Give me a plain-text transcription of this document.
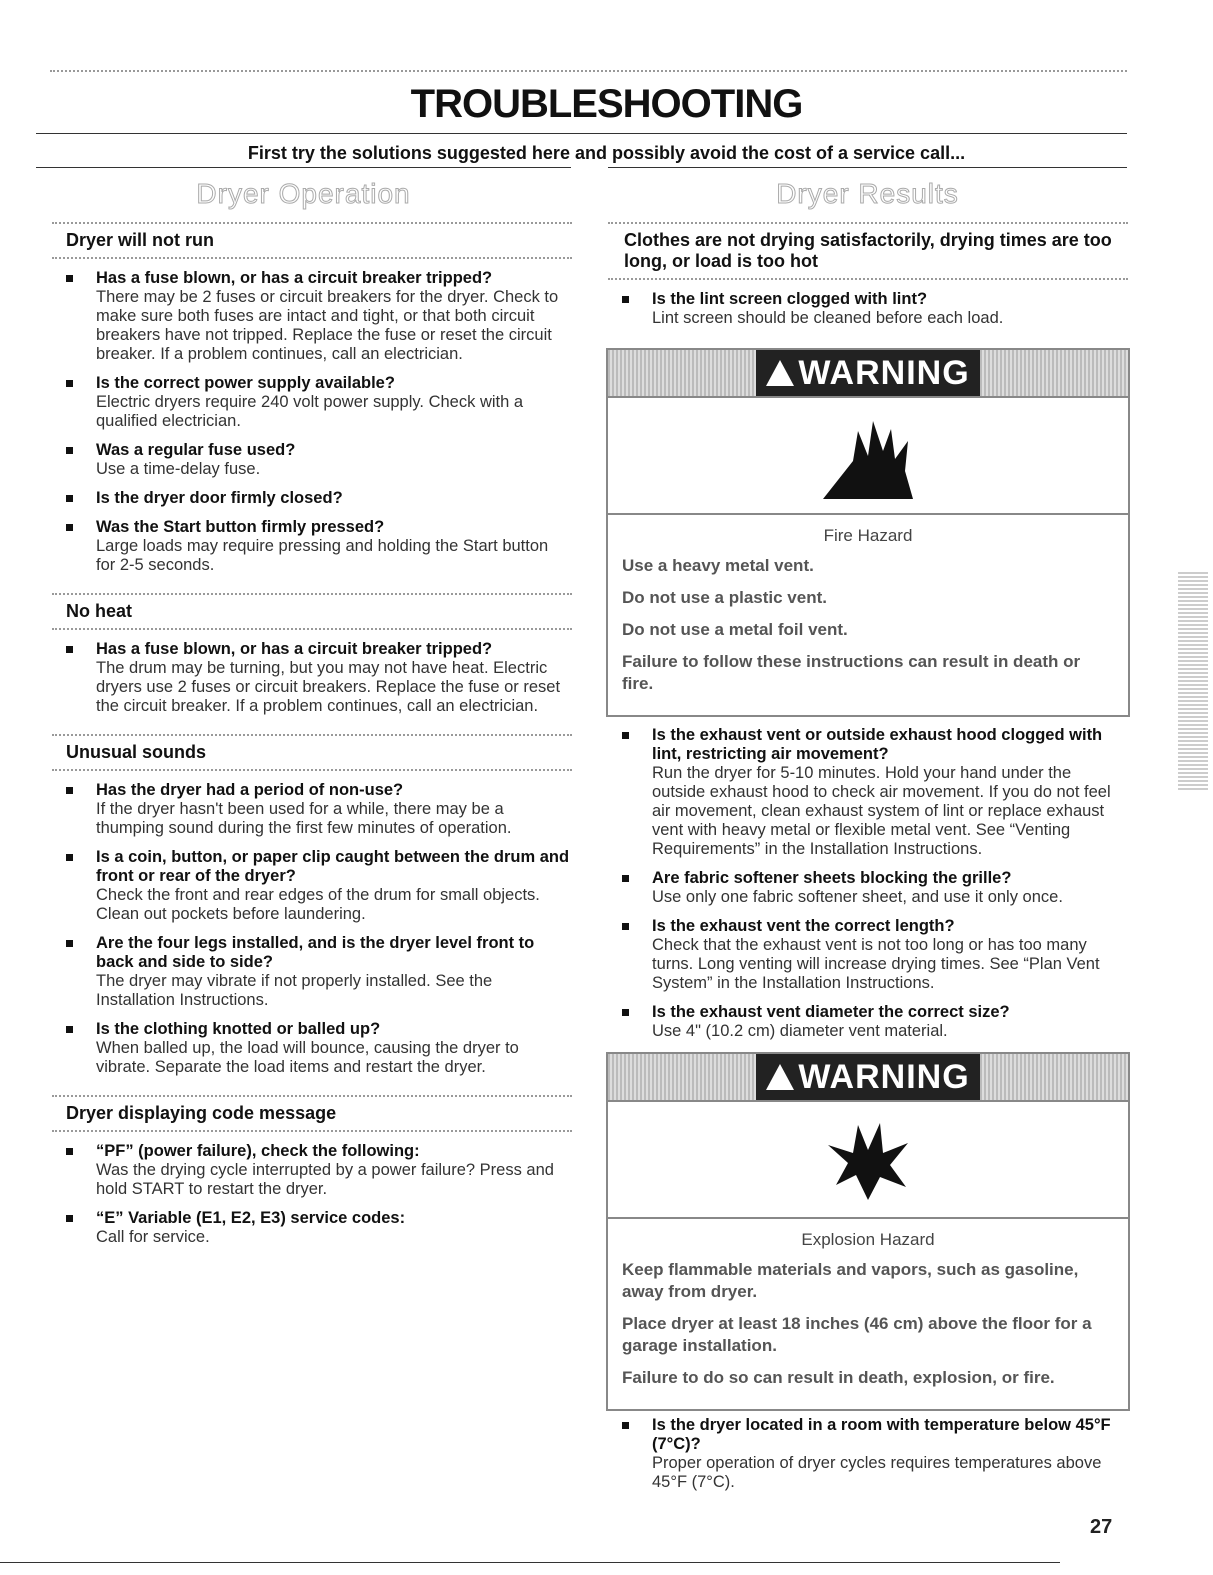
TROUBLESHOOTING
First try the solutions suggested here and possibly avoid the cost of a service call...
Dryer Operation	Dryer Results
Dryer will not run
Has a fuse blown, or has a circuit breaker tripped?
There may be 2 fuses or circuit breakers for the dryer. Check to make sure both fuses are intact and tight, or that both circuit breakers have not tripped. Replace the fuse or reset the circuit breaker. If a problem continues, call an electrician.
Is the correct power supply available?
Electric dryers require 240 volt power supply. Check with a qualified electrician.
Was a regular fuse used?
Use a time-delay fuse.
Is the dryer door firmly closed?
Was the Start button firmly pressed?
Large loads may require pressing and holding the Start button for 2-5 seconds.
No heat
Has a fuse blown, or has a circuit breaker tripped?
The drum may be turning, but you may not have heat. Electric dryers use 2 fuses or circuit breakers. Replace the fuse or reset the circuit breaker. If a problem continues, call an electrician.
Unusual sounds
Has the dryer had a period of non-use?
If the dryer hasn't been used for a while, there may be a thumping sound during the first few minutes of operation.
Is a coin, button, or paper clip caught between the drum and front or rear of the dryer?
Check the front and rear edges of the drum for small objects. Clean out pockets before laundering.
Are the four legs installed, and is the dryer level front to back and side to side?
The dryer may vibrate if not properly installed. See the Installation Instructions.
Is the clothing knotted or balled up?
When balled up, the load will bounce, causing the dryer to vibrate. Separate the load items and restart the dryer.
Dryer displaying code message
“PF” (power failure), check the following:
Was the drying cycle interrupted by a power failure? Press and hold START to restart the dryer.
“E” Variable (E1, E2, E3) service codes:
Call for service.
Clothes are not drying satisfactorily, drying times are too long, or load is too hot
Is the lint screen clogged with lint?
Lint screen should be cleaned before each load.
WARNING
Fire Hazard
Use a heavy metal vent.
Do not use a plastic vent.
Do not use a metal foil vent.
Failure to follow these instructions can result in death or fire.
Is the exhaust vent or outside exhaust hood clogged with lint, restricting air movement?
Run the dryer for 5-10 minutes. Hold your hand under the outside exhaust hood to check air movement. If you do not feel air movement, clean exhaust system of lint or replace exhaust vent with heavy metal or flexible metal vent. See “Venting Requirements” in the Installation Instructions.
Are fabric softener sheets blocking the grille?
Use only one fabric softener sheet, and use it only once.
Is the exhaust vent the correct length?
Check that the exhaust vent is not too long or has too many turns. Long venting will increase drying times. See “Plan Vent System” in the Installation Instructions.
Is the exhaust vent diameter the correct size?
Use 4" (10.2 cm) diameter vent material.
WARNING
Explosion Hazard
Keep flammable materials and vapors, such as gasoline, away from dryer.
Place dryer at least 18 inches (46 cm) above the floor for a garage installation.
Failure to do so can result in death, explosion, or fire.
Is the dryer located in a room with temperature below 45°F (7°C)?
Proper operation of dryer cycles requires temperatures above 45°F (7°C).
27
